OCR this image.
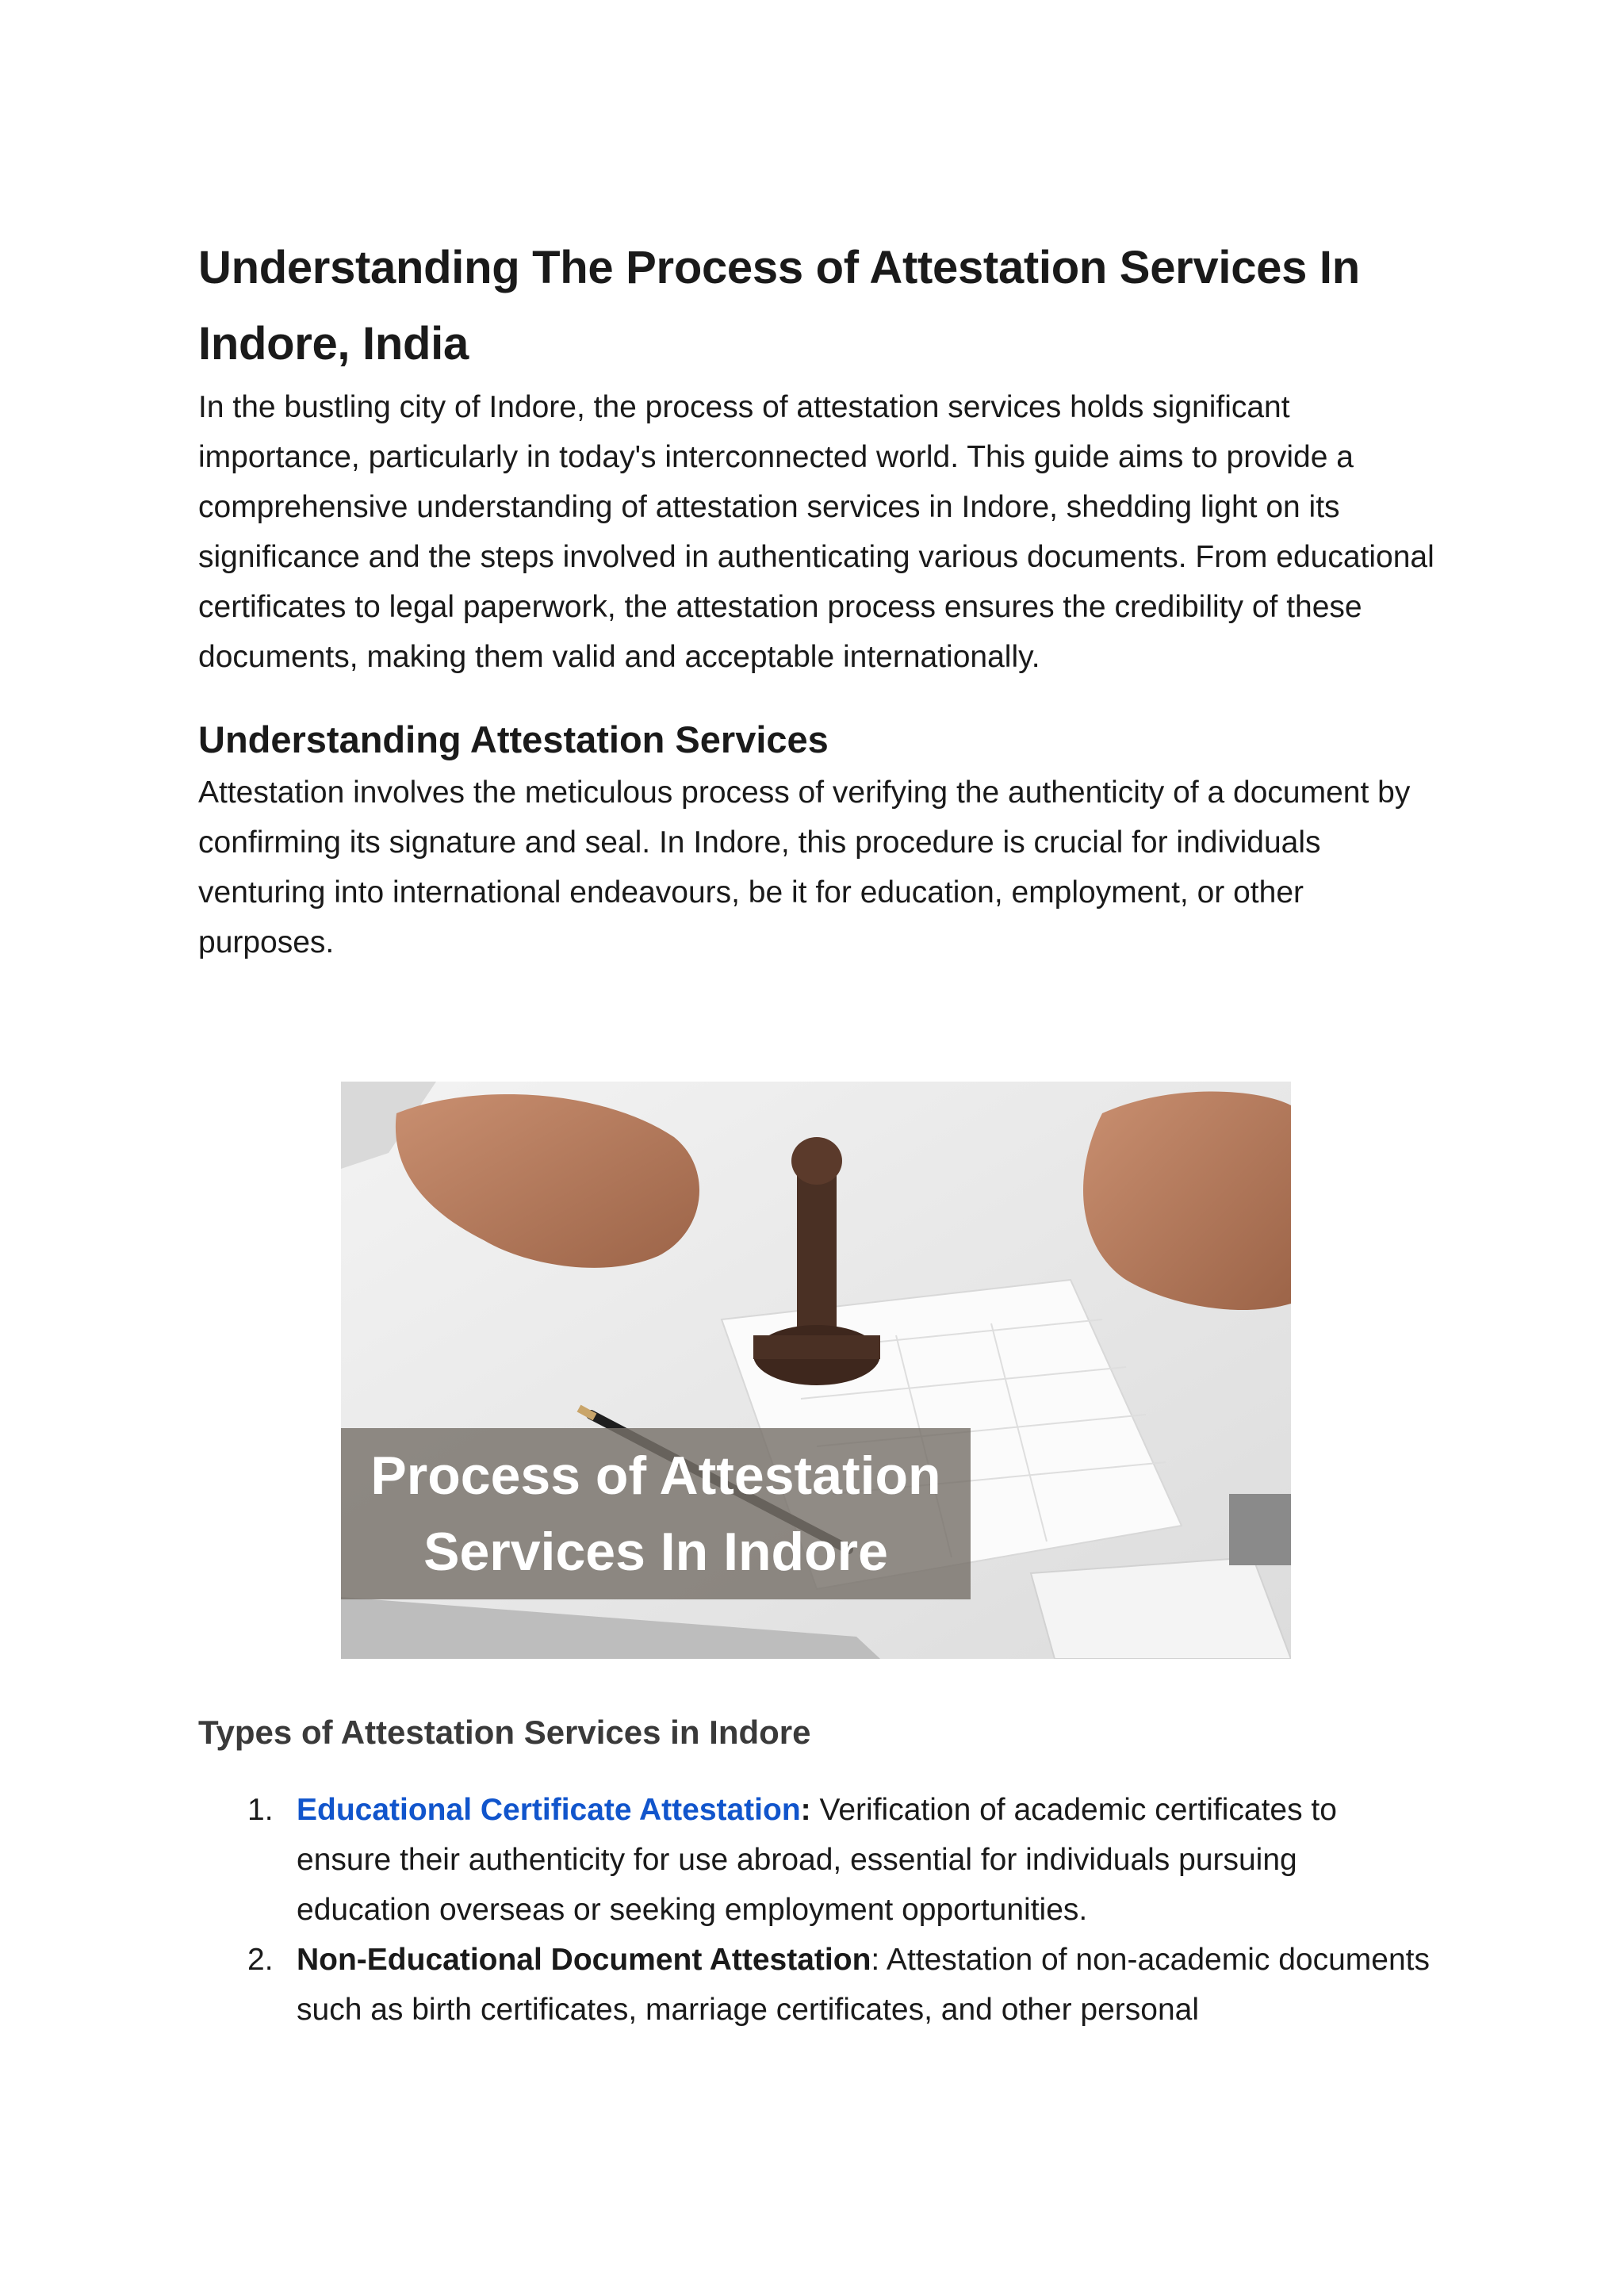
Understanding The Process of Attestation Services In Indore, India

In the bustling city of Indore, the process of attestation services holds significant importance, particularly in today's interconnected world. This guide aims to provide a comprehensive understanding of attestation services in Indore, shedding light on its significance and the steps involved in authenticating various documents. From educational certificates to legal paperwork, the attestation process ensures the credibility of these documents, making them valid and acceptable internationally.

Understanding Attestation Services

Attestation involves the meticulous process of verifying the authenticity of a document by confirming its signature and seal. In Indore, this procedure is crucial for individuals venturing into international endeavours, be it for education, employment, or other purposes.

Process of Attestation
Services In Indore
Types of Attestation Services in Indore
1. Educational Certificate Attestation: Verification of academic certificates to ensure their authenticity for use abroad, essential for individuals pursuing education overseas or seeking employment opportunities.
2. Non-Educational Document Attestation: Attestation of non-academic documents such as birth certificates, marriage certificates, and other personal
